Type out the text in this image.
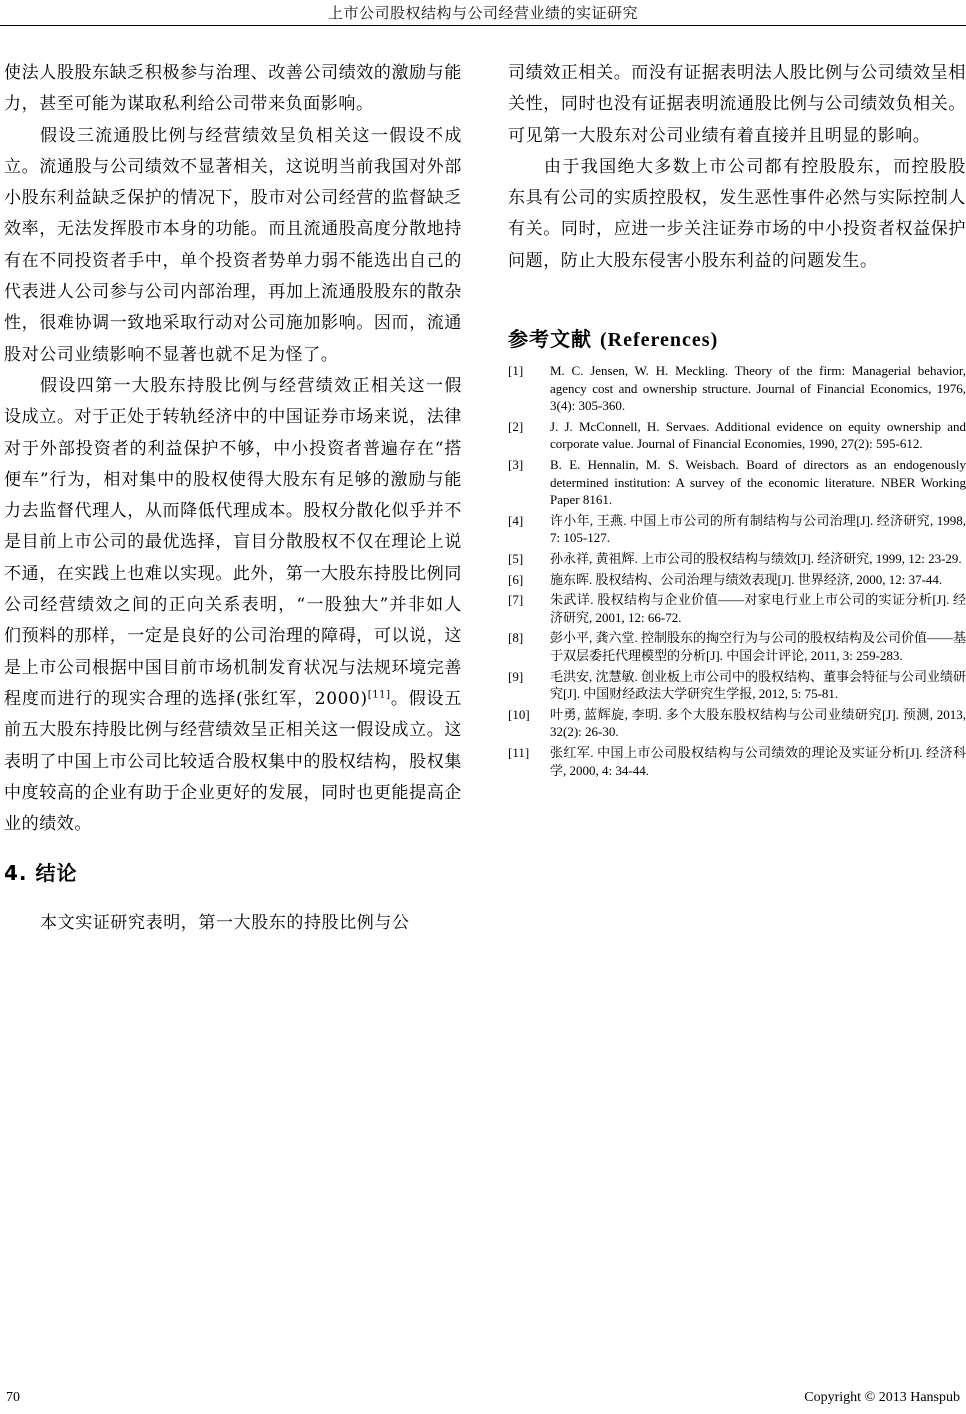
上市公司股权结构与公司经营业绩的实证研究

使法人股股东缺乏积极参与治理、改善公司绩效的激励与能力，甚至可能为谋取私利给公司带来负面影响。

假设三流通股比例与经营绩效呈负相关这一假设不成立。流通股与公司绩效不显著相关，这说明当前我国对外部小股东利益缺乏保护的情况下，股市对公司经营的监督缺乏效率，无法发挥股市本身的功能。而且流通股高度分散地持有在不同投资者手中，单个投资者势单力弱不能选出自己的代表进人公司参与公司内部治理，再加上流通股股东的散杂性，很难协调一致地采取行动对公司施加影响。因而，流通股对公司业绩影响不显著也就不足为怪了。

假设四第一大股东持股比例与经营绩效正相关这一假设成立。对于正处于转轨经济中的中国证券市场来说，法律对于外部投资者的利益保护不够，中小投资者普遍存在“搭便车”行为，相对集中的股权使得大股东有足够的激励与能力去监督代理人，从而降低代理成本。股权分散化似乎并不是目前上市公司的最优选择，盲目分散股权不仅在理论上说不通，在实践上也难以实现。此外，第一大股东持股比例同公司经营绩效之间的正向关系表明，“一股独大”并非如人们预料的那样，一定是良好的公司治理的障碍，可以说，这是上市公司根据中国目前市场机制发育状况与法规环境完善程度而进行的现实合理的选择(张红军，2000)[11]。假设五前五大股东持股比例与经营绩效呈正相关这一假设成立。这表明了中国上市公司比较适合股权集中的股权结构，股权集中度较高的企业有助于企业更好的发展，同时也更能提高企业的绩效。

4. 结论

本文实证研究表明，第一大股东的持股比例与公

司绩效正相关。而没有证据表明法人股比例与公司绩效呈相关性，同时也没有证据表明流通股比例与公司绩效负相关。可见第一大股东对公司业绩有着直接并且明显的影响。

由于我国绝大多数上市公司都有控股股东，而控股股东具有公司的实质控股权，发生恶性事件必然与实际控制人有关。同时，应进一步关注证券市场的中小投资者权益保护问题，防止大股东侵害小股东利益的问题发生。

参考文献 (References)
[1]	M. C. Jensen, W. H. Meckling. Theory of the firm: Managerial behavior, agency cost and ownership structure. Journal of Financial Economics, 1976, 3(4): 305-360.
[2]	J. J. McConnell, H. Servaes. Additional evidence on equity ownership and corporate value. Journal of Financial Economies, 1990, 27(2): 595-612.
[3]	B. E. Hennalin, M. S. Weisbach. Board of directors as an endogenously determined institution: A survey of the economic literature. NBER Working Paper 8161.
[4]	许小年, 王燕. 中国上市公司的所有制结构与公司治理[J]. 经济研究, 1998, 7: 105-127.
[5]	孙永祥, 黄祖辉. 上市公司的股权结构与绩效[J]. 经济研究, 1999, 12: 23-29.
[6]	施东晖. 股权结构、公司治理与绩效表现[J]. 世界经济, 2000, 12: 37-44.
[7]	朱武详. 股权结构与企业价值——对家电行业上市公司的实证分析[J]. 经济研究, 2001, 12: 66-72.
[8]	彭小平, 龚六堂. 控制股东的掏空行为与公司的股权结构及公司价值——基于双层委托代理模型的分析[J]. 中国会计评论, 2011, 3: 259-283.
[9]	毛洪安, 沈慧敏. 创业板上市公司中的股权结构、董事会特征与公司业绩研究[J]. 中国财经政法大学研究生学报, 2012, 5: 75-81.
[10]	叶勇, 蓝辉旋, 李明. 多个大股东股权结构与公司业绩研究[J]. 预测, 2013, 32(2): 26-30.
[11]	张红军. 中国上市公司股权结构与公司绩效的理论及实证分析[J]. 经济科学, 2000, 4: 34-44.
70	Copyright © 2013 Hanspub
